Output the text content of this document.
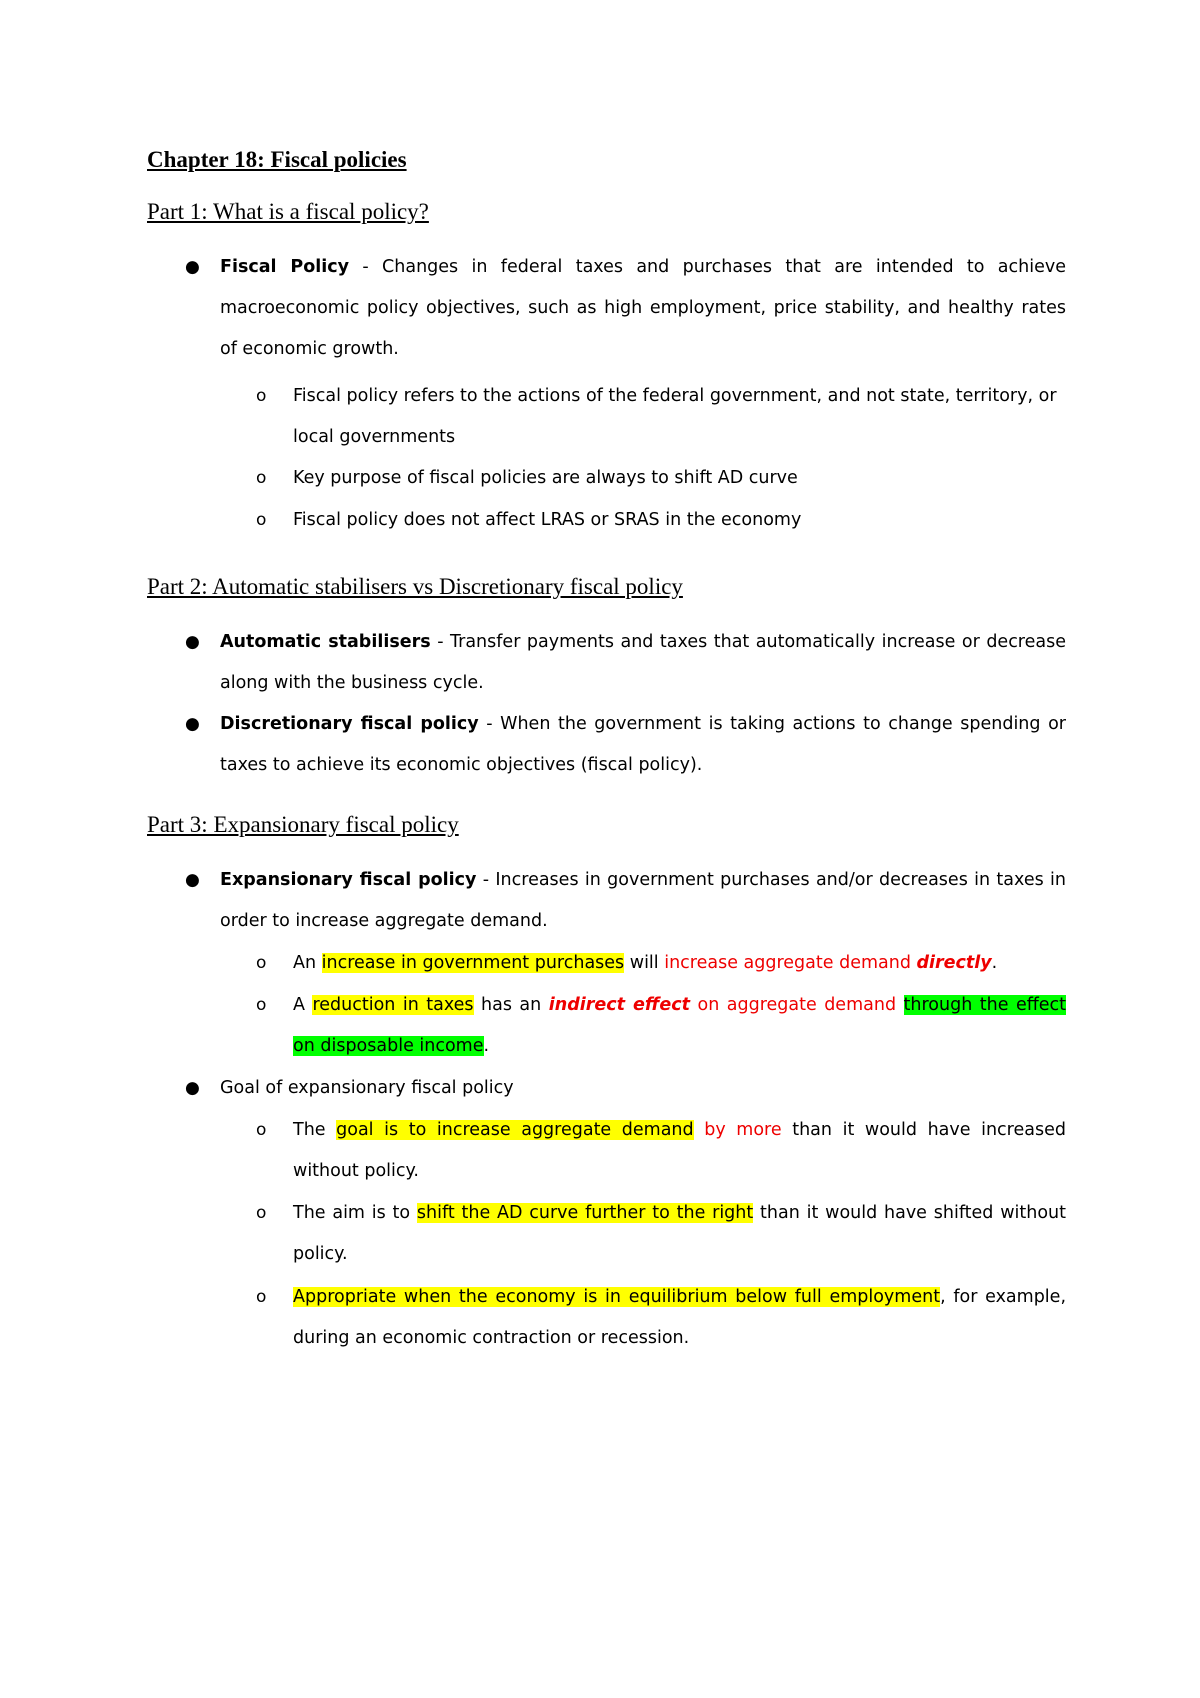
Chapter 18: Fiscal policies
Part 1: What is a fiscal policy?
● Fiscal Policy - Changes in federal taxes and purchases that are intended to achieve macroeconomic policy objectives, such as high employment, price stability, and healthy rates of economic growth.
o Fiscal policy refers to the actions of the federal government, and not state, territory, or local governments
o Key purpose of fiscal policies are always to shift AD curve
o Fiscal policy does not affect LRAS or SRAS in the economy
Part 2: Automatic stabilisers vs Discretionary fiscal policy
● Automatic stabilisers - Transfer payments and taxes that automatically increase or decrease along with the business cycle.
● Discretionary fiscal policy - When the government is taking actions to change spending or taxes to achieve its economic objectives (fiscal policy).
Part 3: Expansionary fiscal policy
● Expansionary fiscal policy - Increases in government purchases and/or decreases in taxes in order to increase aggregate demand.
o An increase in government purchases will increase aggregate demand directly.
o A reduction in taxes has an indirect effect on aggregate demand through the effect on disposable income.
● Goal of expansionary fiscal policy
o The goal is to increase aggregate demand by more than it would have increased without policy.
o The aim is to shift the AD curve further to the right than it would have shifted without policy.
o Appropriate when the economy is in equilibrium below full employment, for example, during an economic contraction or recession.
